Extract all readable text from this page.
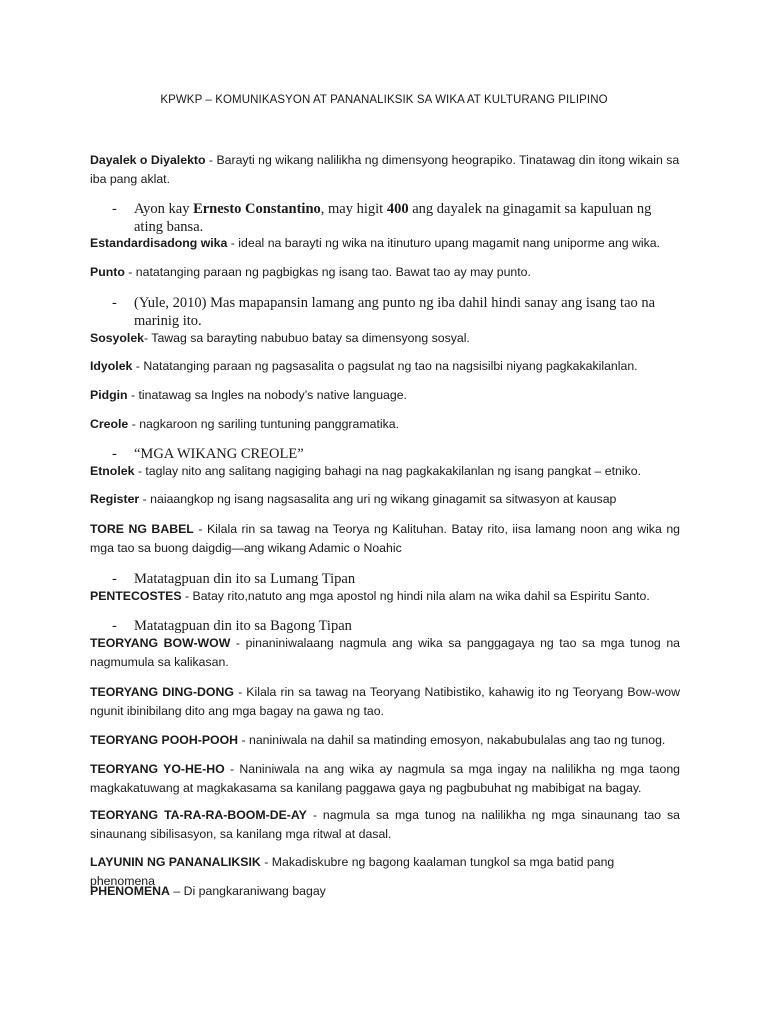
KPWKP – KOMUNIKASYON AT PANANALIKSIK SA WIKA AT KULTURANG PILIPINO
Dayalek o Diyalekto - Barayti ng wikang nalilikha ng dimensyong heograpiko. Tinatawag din itong wikain sa iba pang aklat.
- Ayon kay Ernesto Constantino, may higit 400 ang dayalek na ginagamit sa kapuluan ng ating bansa.
Estandardisadong wika - ideal na barayti ng wika na itinuturo upang magamit nang uniporme ang wika.
Punto - natatanging paraan ng pagbigkas ng isang tao. Bawat tao ay may punto.
- (Yule, 2010) Mas mapapansin lamang ang punto ng iba dahil hindi sanay ang isang tao na marinig ito.
Sosyolek- Tawag sa barayting nabubuo batay sa dimensyong sosyal.
Idyolek - Natatanging paraan ng pagsasalita o pagsulat ng tao na nagsisilbi niyang pagkakakilanlan.
Pidgin - tinatawag sa Ingles na nobody’s native language.
Creole - nagkaroon ng sariling tuntuning panggramatika.
- “MGA WIKANG CREOLE”
Etnolek - taglay nito ang salitang nagiging bahagi na nag pagkakakilanlan ng isang pangkat – etniko.
Register - naiaangkop ng isang nagsasalita ang uri ng wikang ginagamit sa sitwasyon at kausap
TORE NG BABEL - Kilala rin sa tawag na Teorya ng Kalituhan. Batay rito, iisa lamang noon ang wika ng mga tao sa buong daigdig—ang wikang Adamic o Noahic
- Matatagpuan din ito sa Lumang Tipan
PENTECOSTES - Batay rito,natuto ang mga apostol ng hindi nila alam na wika dahil sa Espiritu Santo.
- Matatagpuan din ito sa Bagong Tipan
TEORYANG BOW-WOW - pinaniniwalaang nagmula ang wika sa panggagaya ng tao sa mga tunog na nagmumula sa kalikasan.
TEORYANG DING-DONG - Kilala rin sa tawag na Teoryang Natibistiko, kahawig ito ng Teoryang Bow-wow ngunit ibinibilang dito ang mga bagay na gawa ng tao.
TEORYANG POOH-POOH - naniniwala na dahil sa matinding emosyon, nakabubulalas ang tao ng tunog.
TEORYANG YO-HE-HO - Naniniwala na ang wika ay nagmula sa mga ingay na nalilikha ng mga taong magkakatuwang at magkakasama sa kanilang paggawa gaya ng pagbubuhat ng mabibigat na bagay.
TEORYANG TA-RA-RA-BOOM-DE-AY - nagmula sa mga tunog na nalilikha ng mga sinaunang tao sa sinaunang sibilisasyon, sa kanilang mga ritwal at dasal.
LAYUNIN NG PANANALIKSIK - Makadiskubre ng bagong kaalaman tungkol sa mga batid pang phenomena
PHENOMENA – Di pangkaraniwang bagay
